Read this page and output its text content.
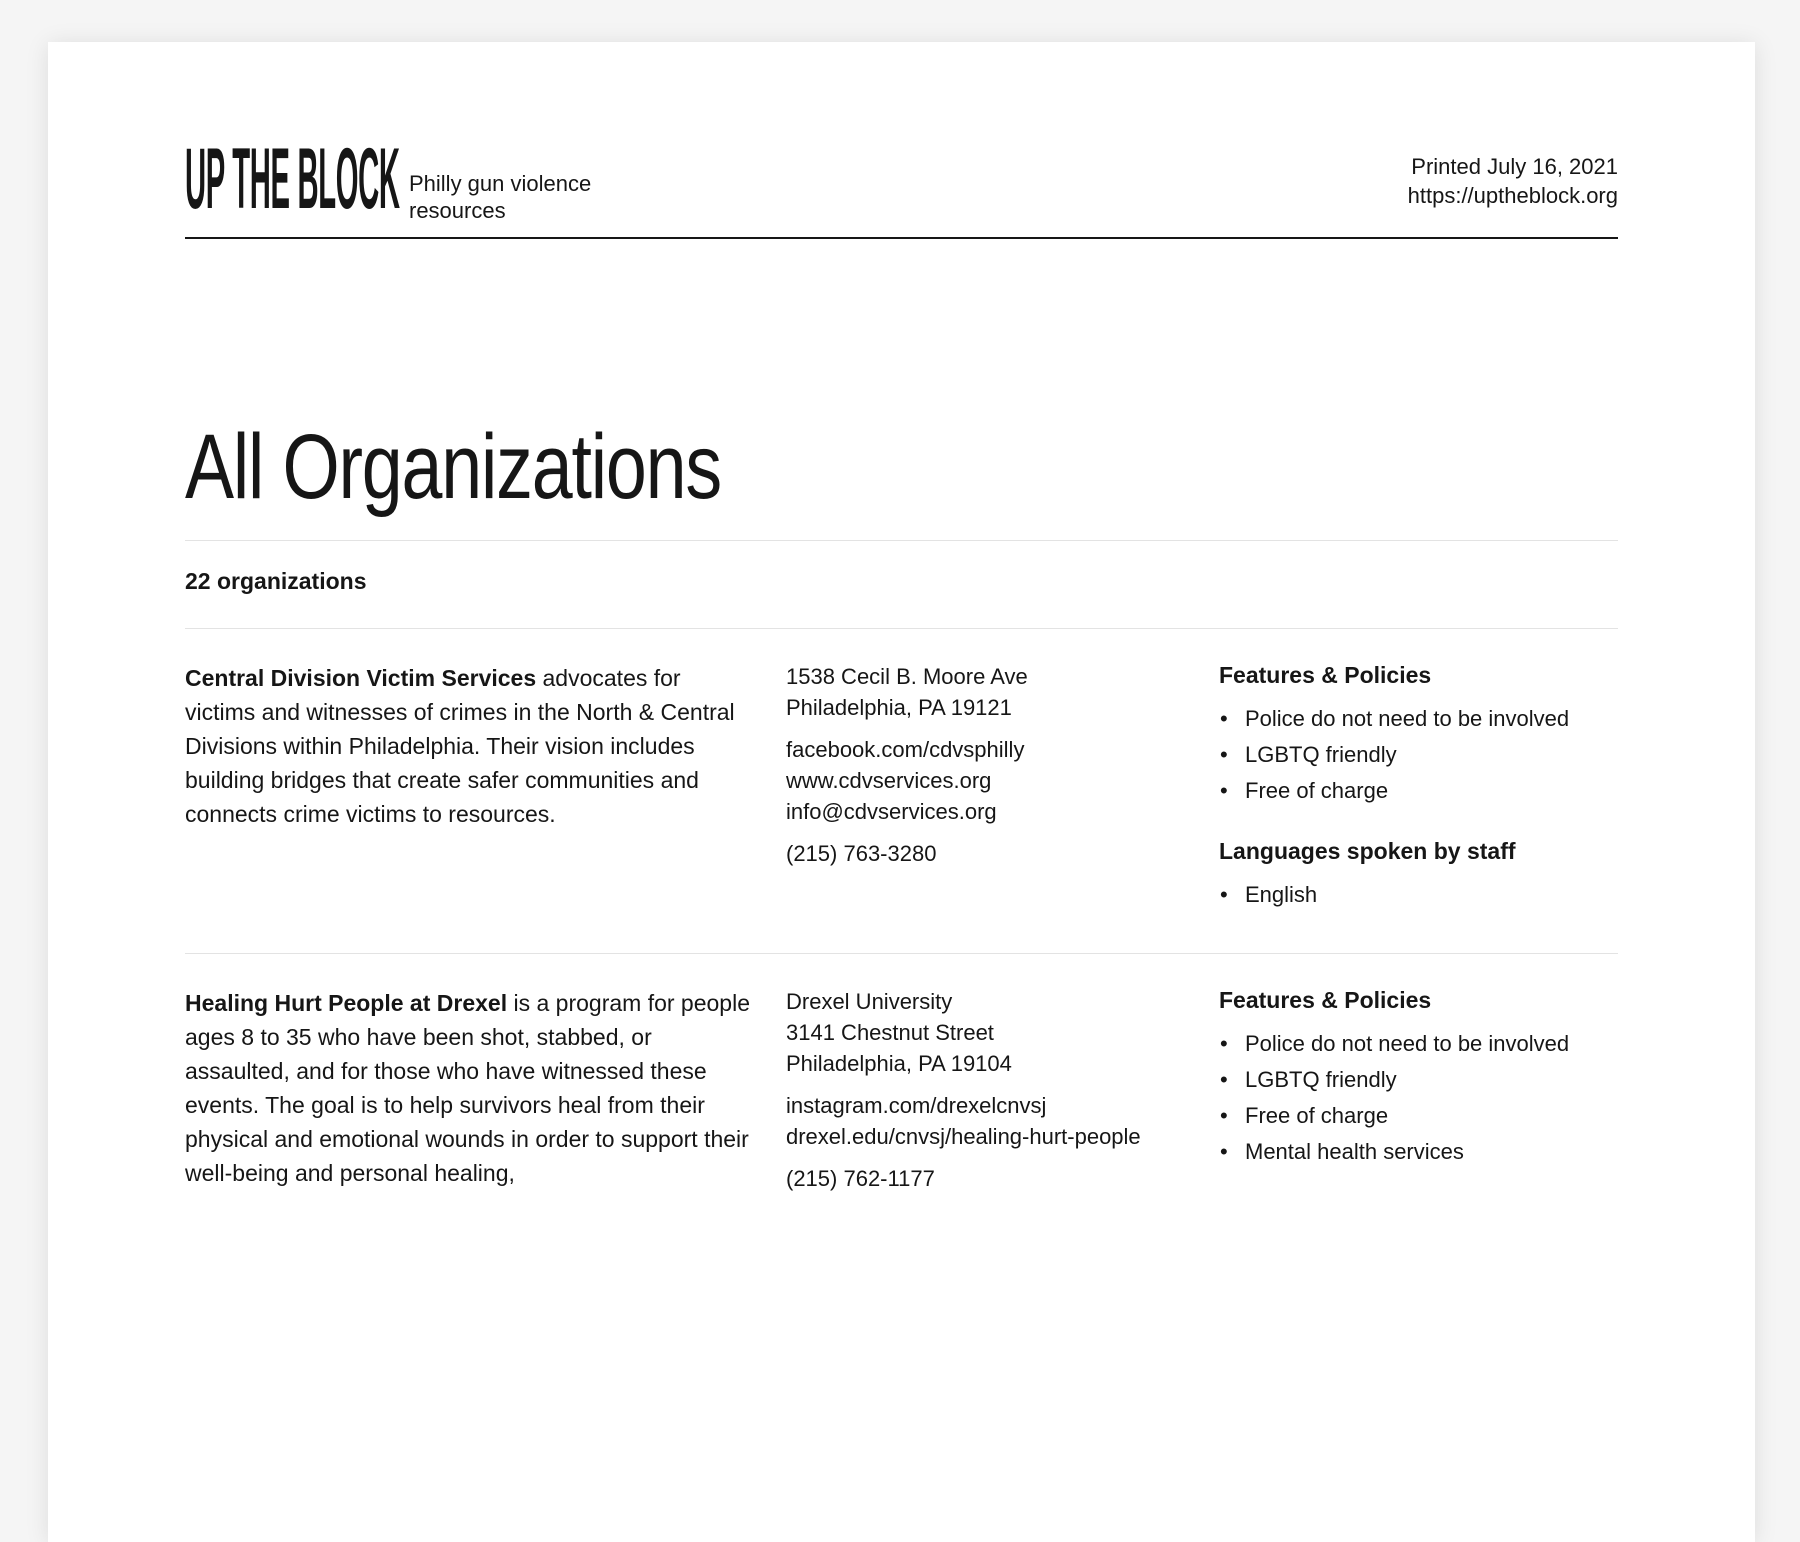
UP THE BLOCK Philly gun violence
resources
Printed July 16, 2021
https://uptheblock.org
All Organizations
22 organizations
Central Division Victim Services advocates for victims and witnesses of crimes in the North & Central Divisions within Philadelphia. Their vision includes building bridges that create safer communities and connects crime victims to resources.
1538 Cecil B. Moore Ave
Philadelphia, PA 19121
facebook.com/cdvsphilly
www.cdvservices.org
info@cdvservices.org
(215) 763-3280
Features & Policies
• Police do not need to be involved
• LGBTQ friendly
• Free of charge
Languages spoken by staff
• English
Healing Hurt People at Drexel is a program for people ages 8 to 35 who have been shot, stabbed, or assaulted, and for those who have witnessed these events. The goal is to help survivors heal from their physical and emotional wounds in order to support their well-being and personal healing,
Drexel University
3141 Chestnut Street
Philadelphia, PA 19104
instagram.com/drexelcnvsj
drexel.edu/cnvsj/healing-hurt-people
(215) 762-1177
Features & Policies
• Police do not need to be involved
• LGBTQ friendly
• Free of charge
• Mental health services
